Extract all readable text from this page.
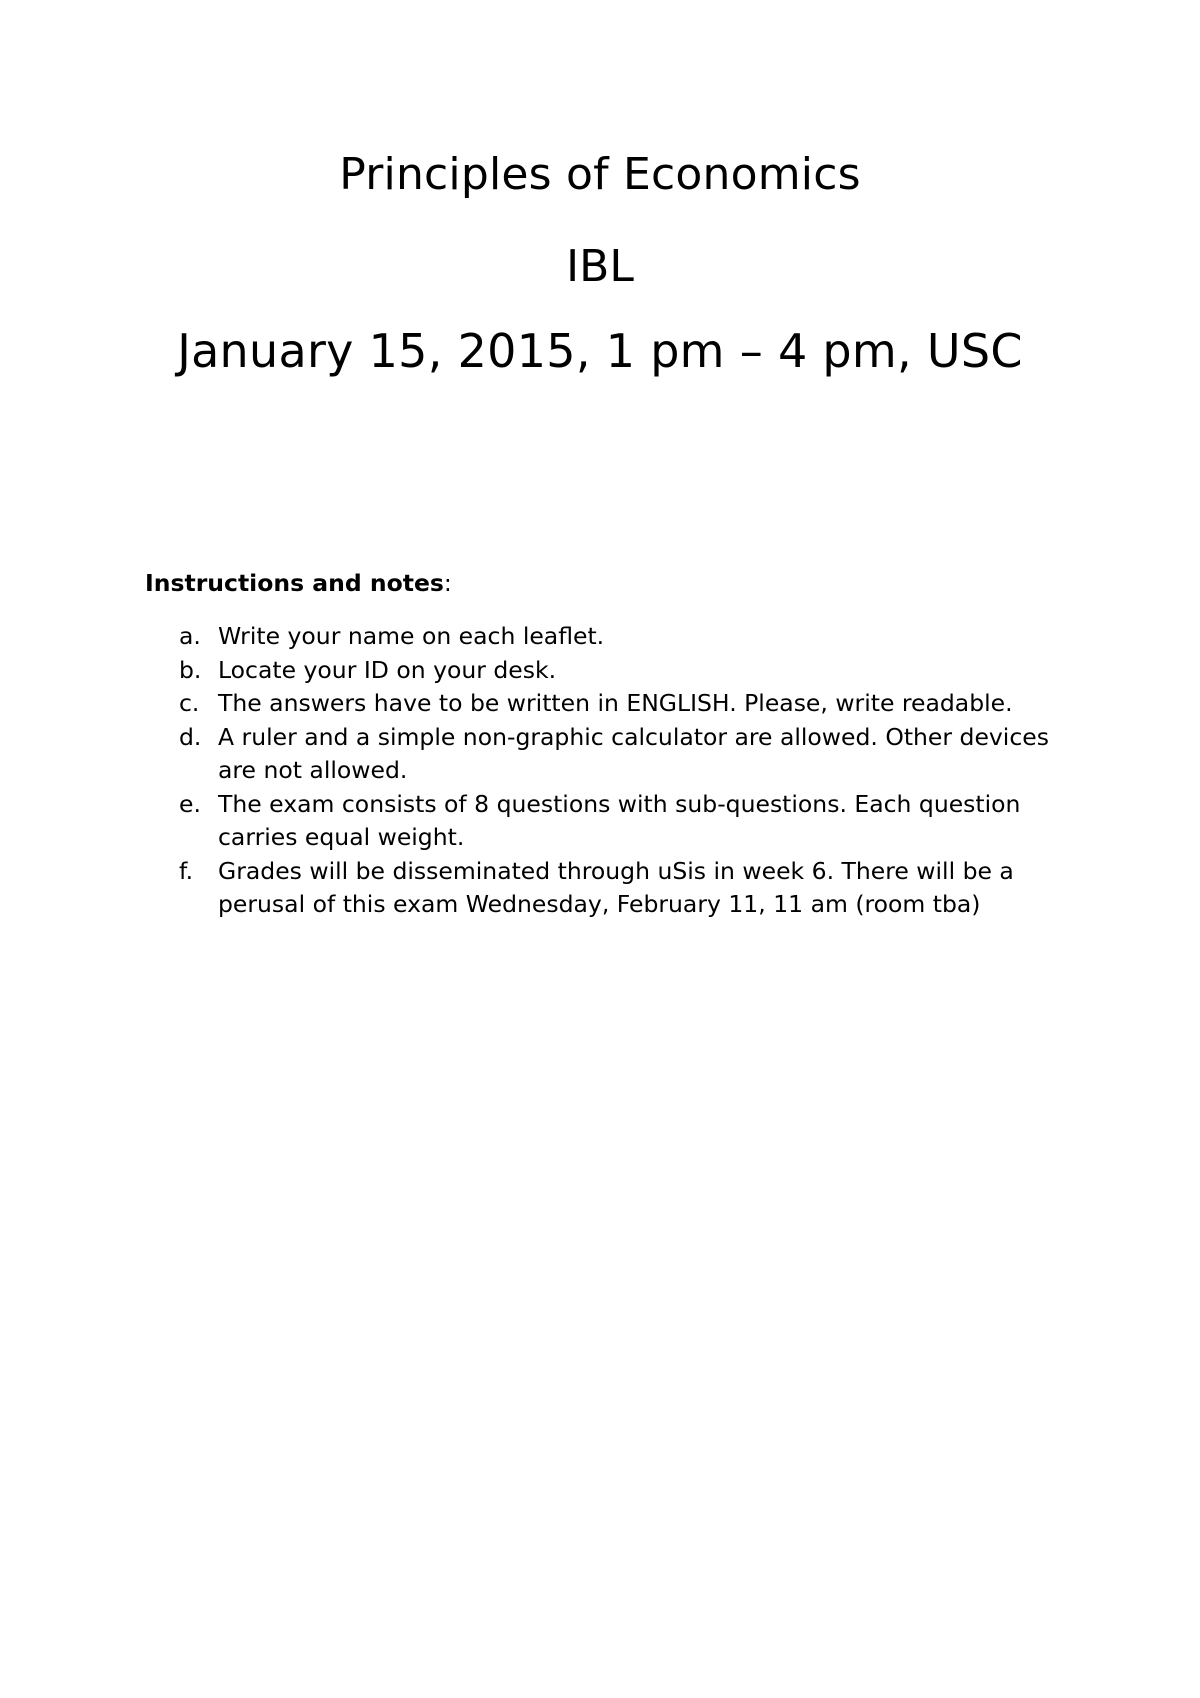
Principles of Economics
IBL
January 15, 2015, 1 pm – 4 pm, USC

Instructions and notes:

a. Write your name on each leaflet.
b. Locate your ID on your desk.
c. The answers have to be written in ENGLISH. Please, write readable.
d. A ruler and a simple non-graphic calculator are allowed. Other devices are not allowed.
e. The exam consists of 8 questions with sub-questions. Each question carries equal weight.
f.	Grades will be disseminated through uSis in week 6. There will be a perusal of this exam Wednesday, February 11, 11 am (room tba)
